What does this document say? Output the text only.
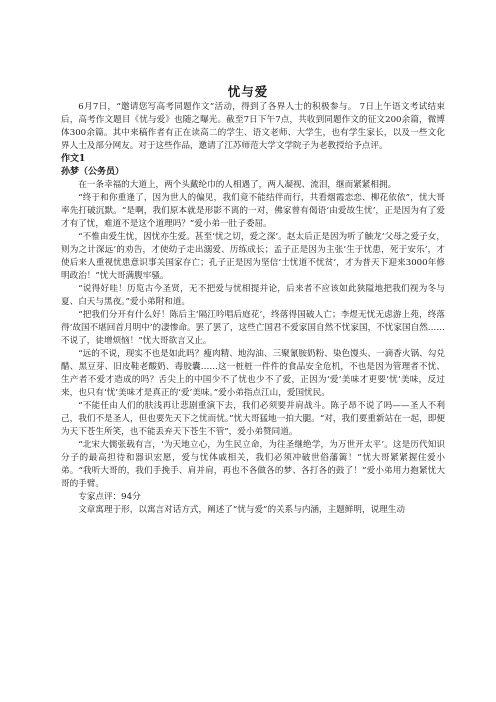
忧与爱

6月7日，“邀请您写高考同题作文”活动，得到了各界人士的积极参与。 7日上午语文考试结束后，高考作文题目《忧与爱》也随之曝光。截至7日下午7点，共收到同题作文的征文200余篇，微博体300余篇。其中来稿作者有正在读高二的学生、语文老师、大学生，也有学生家长，以及一些文化界人士及部分网友。对于这些作品，邀请了江苏师范大学文学院子为老教授给予点评。

作文1

孙梦（公务员）

在一条幸福的大道上，两个头戴纶巾的人相遇了，两人凝视、流泪，继而紧紧相拥。

“终于和你重逢了，因为世人的偏见，我们竟不能结伴而行，共看烟霞恋恋、柳花依依”，忧大哥率先打破沉默。“是啊，我们原本就是形影不离的一对，佛家曾有偈语‘由爱故生忧’，正是因为有了爱才有了忧，难道不是这个道理吗？”爱小弟一肚子委屈。

“不惟由爱生忧，因忧亦生爱。甚至‘忧之切，爱之深’。赵太后正是因为听了触龙‘父母之爱子女，则为之计深远’的劝告，才使幼子走出溺爱、历练成长；孟子正是因为主张‘生于忧患，死于安乐’，才使后来人重视忧患意识事关国家存亡；孔子正是因为坚信‘士忧道不忧贫’，才为普天下迎来3000年修明政治！”忧大哥满腹牢骚。

“说得好哇！历览古今圣贤，无不把爱与忧相提并论，后来者不应该如此狭隘地把我们视为冬与夏、白天与黑夜。”爱小弟附和道。

“把我们分开有什么好！陈后主‘隔江吟唱后庭花’，终落得国破人亡；李煜无忧无虑游上苑，终落得‘故国不堪回首月明中’的凄惨命。罢了罢了，这些亡国君不爱家国自然不忧家国，不忧家国自然……不说了，徒增烦恼！”忧大哥欲言又止。

“远的不说，现实不也是如此吗？瘦肉精、地沟油、三聚氰胺奶粉、染色馒头、一滴香火锅、勾兑醋、黑豆芽、旧皮鞋老酸奶、毒胶囊……这一桩桩一件件的食品安全危机，不也是因为管理者不忧、生产者不爱才造成的吗？舌尖上的中国少不了忧也少不了爱，正因为‘爱’美味才更要‘忧’美味，反过来，也只有‘忧’美味才是真正的‘爱’美味。”爱小弟指点江山，爱国忧民。

“不能任由人们的肤浅再让悲剧重演下去，我们必须要并肩战斗。陈子昂不说了吗——圣人不利己，我们不是圣人，但也要先天下之忧而忧。”忧大哥猛地一拍大腿。“对，我们要重新站在一起，即便为天下苍生所笑，也不能丢弃天下苍生不管”，爱小弟赞同道。

“北宋大儒张载有言，‘为天地立心，为生民立命，为往圣继绝学，为万世开太平’。这是历代知识分子的最高担待和器识宏愿，爱与忧体戚相关，我们必须冲破世俗藩篱！”忧大哥紧紧握住爱小弟。“我听大哥的，我们手挽手、肩并肩，再也不各做各的梦、各打各的鼓了！”爱小弟用力抱紧忧大哥的手臂。

专家点评：94分

文章寓理于形，以寓言对话方式，阐述了“忧与爱”的关系与内涵，主题鲜明，说理生动
